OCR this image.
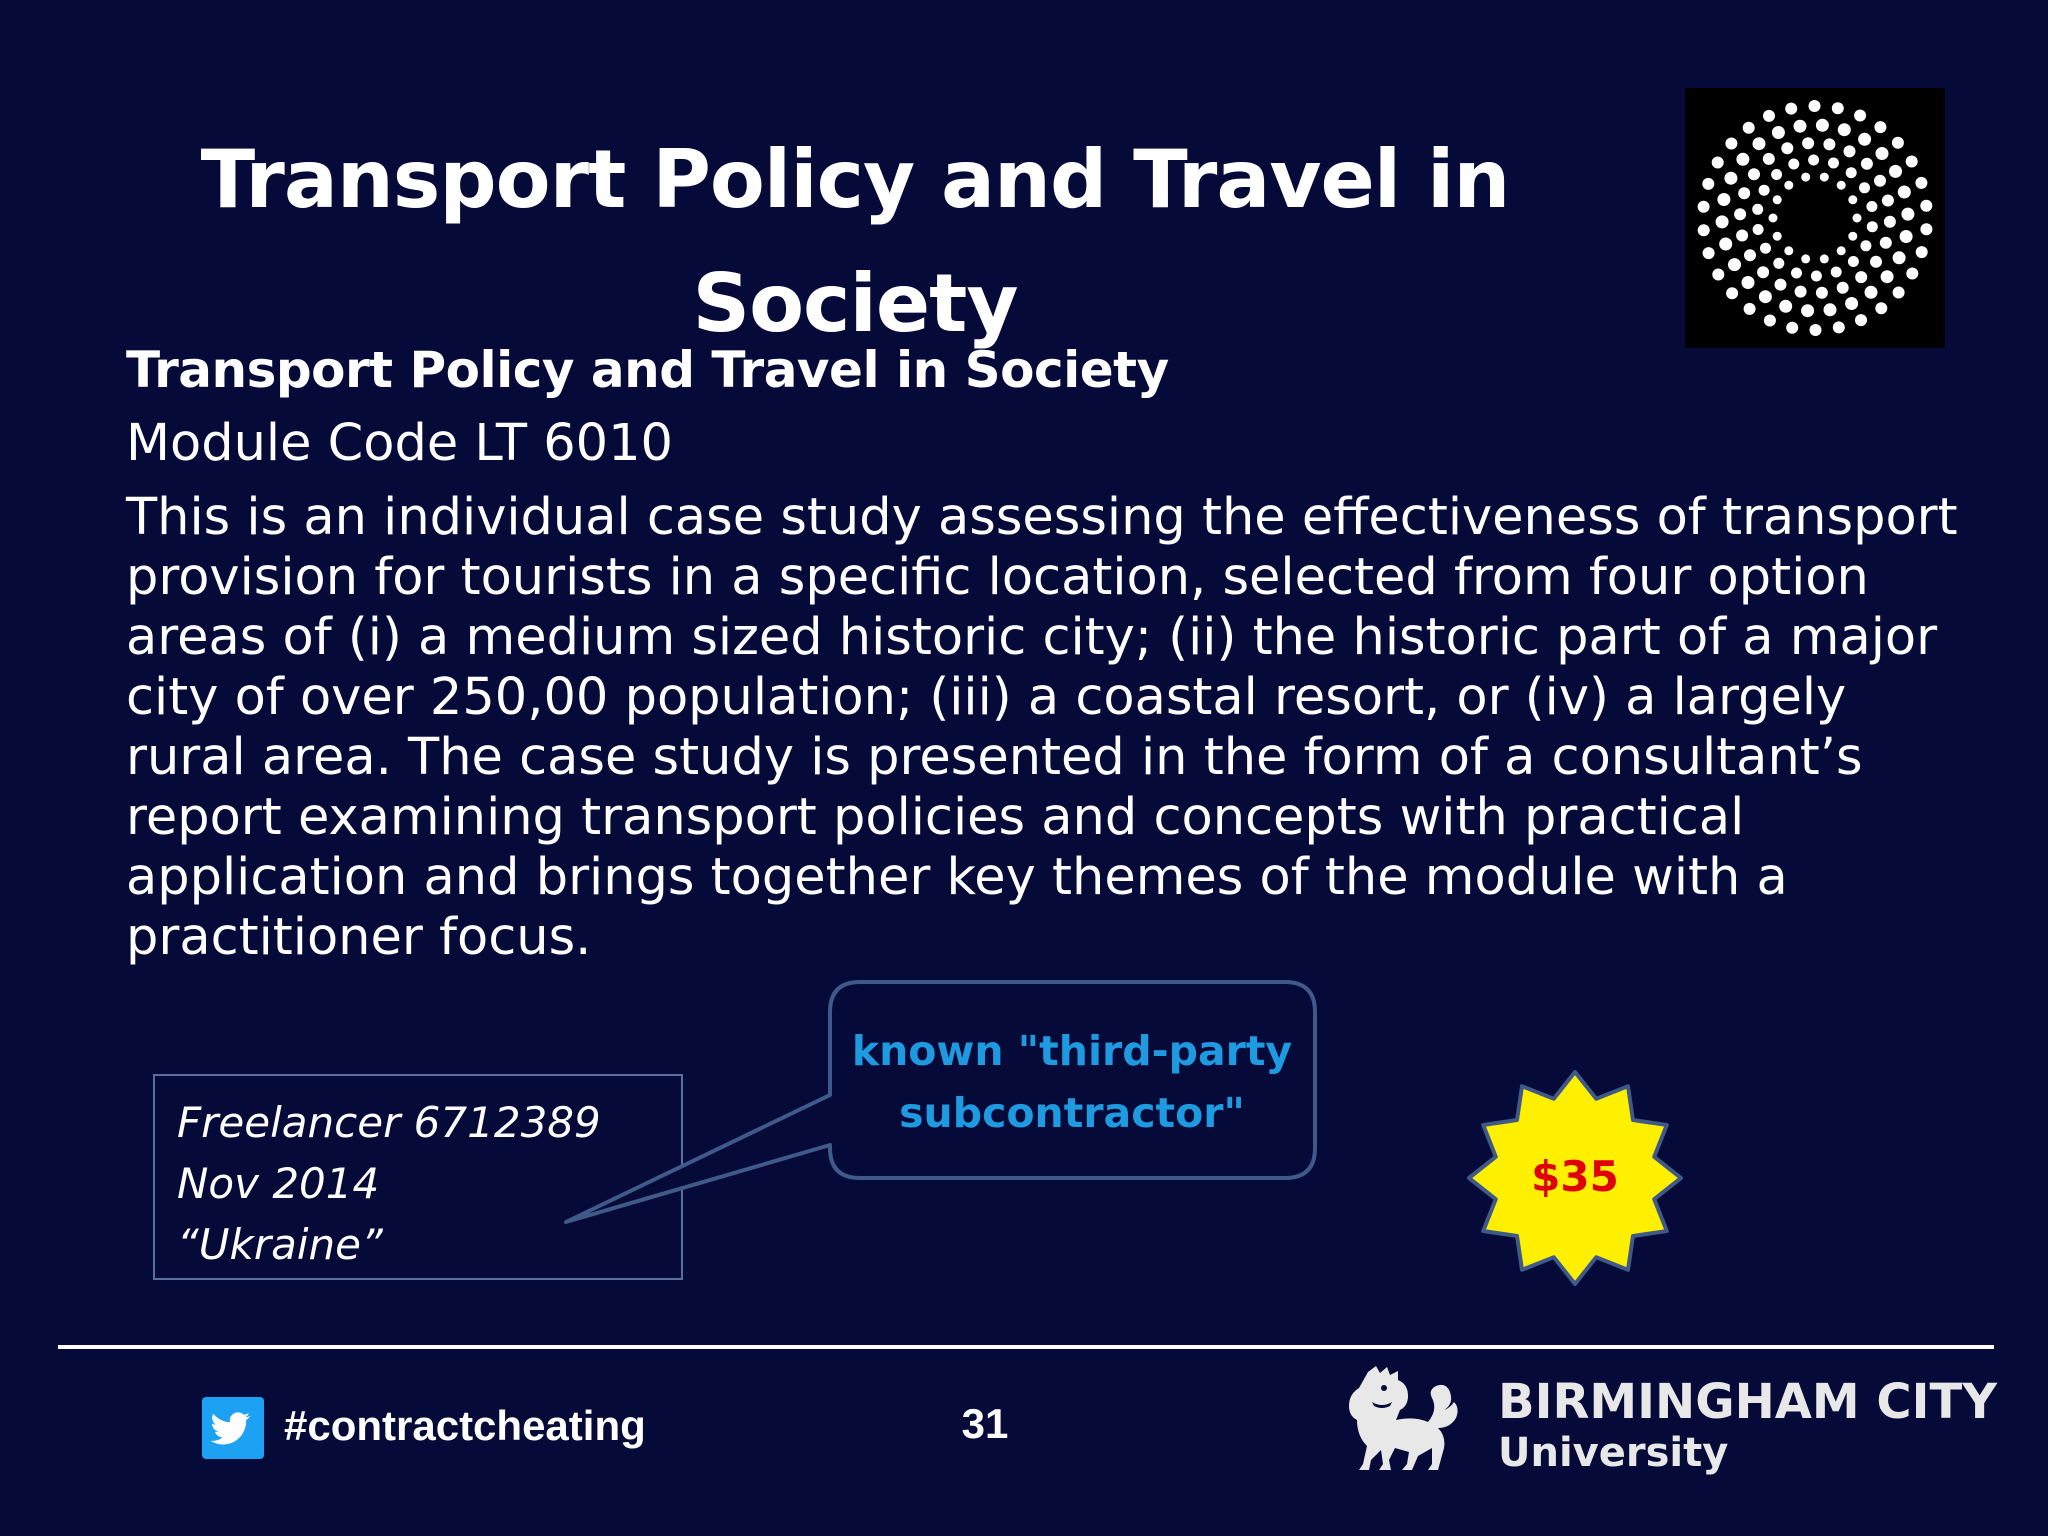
Transport Policy and Travel in
Society
Transport Policy and Travel in Society
Module Code LT 6010
This is an individual case study assessing the effectiveness of transport
provision for tourists in a specific location, selected from four option
areas of (i) a medium sized historic city; (ii) the historic part of a major
city of over 250,00 population; (iii) a coastal resort, or (iv) a largely
rural area. The case study is presented in the form of a consultant’s
report examining transport policies and concepts with practical
application and brings together key themes of the module with a
practitioner focus.
Freelancer 6712389
Nov 2014
“Ukraine”
known "third-party
subcontractor"
$35
#contractcheating	31	BIRMINGHAM CITY
University
